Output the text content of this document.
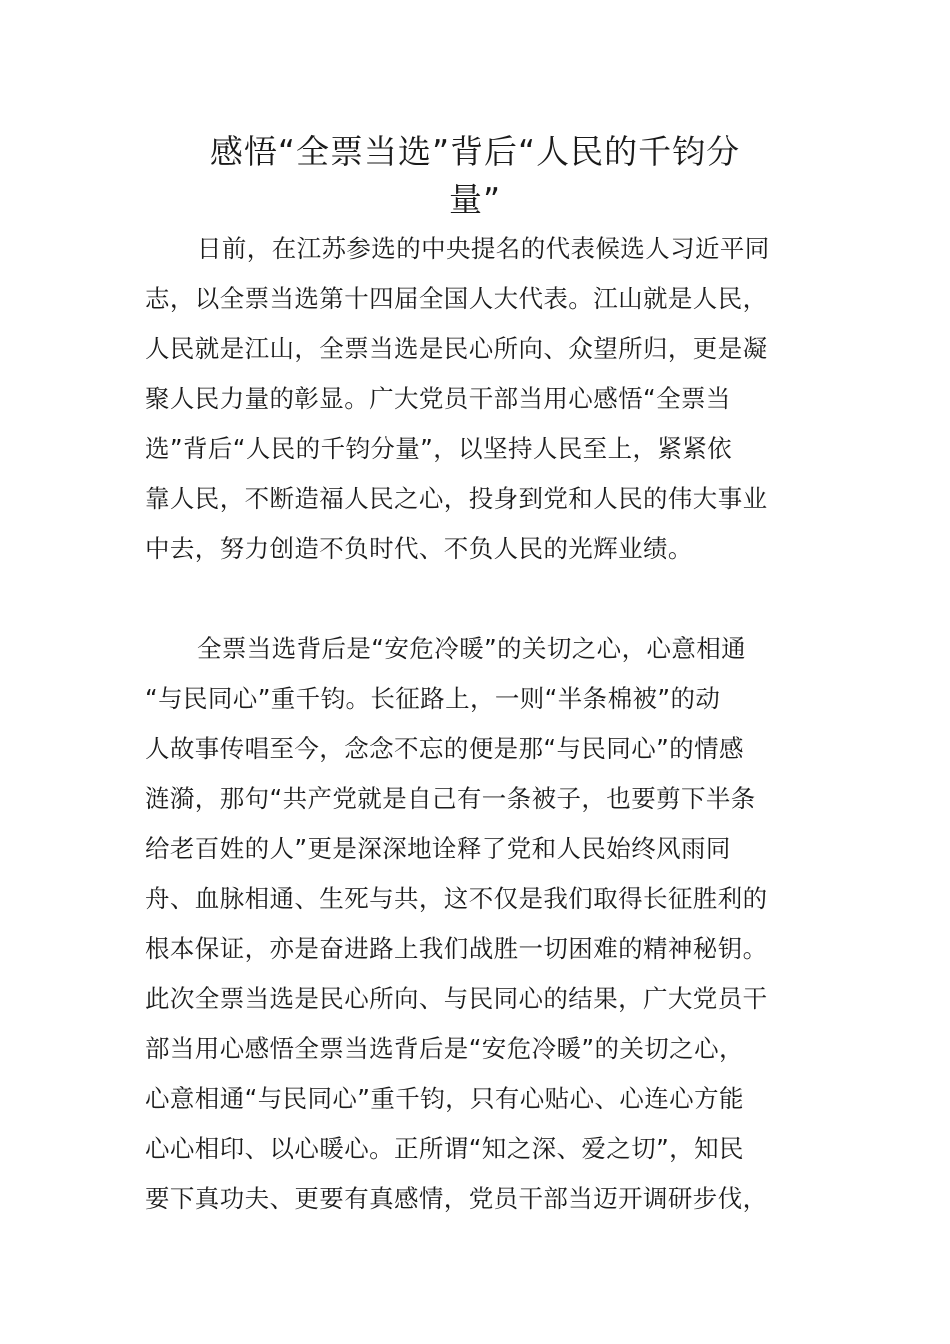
感悟“全票当选”背后“人民的千钧分
量”
日前，在江苏参选的中央提名的代表候选人习近平同
志，以全票当选第十四届全国人大代表。江山就是人民，
人民就是江山，全票当选是民心所向、众望所归，更是凝
聚人民力量的彰显。广大党员干部当用心感悟“全票当
选”背后“人民的千钧分量”，以坚持人民至上，紧紧依
靠人民，不断造福人民之心，投身到党和人民的伟大事业
中去，努力创造不负时代、不负人民的光辉业绩。
全票当选背后是“安危冷暖”的关切之心，心意相通
“与民同心”重千钧。长征路上，一则“半条棉被”的动
人故事传唱至今，念念不忘的便是那“与民同心”的情感
涟漪，那句“共产党就是自己有一条被子，也要剪下半条
给老百姓的人”更是深深地诠释了党和人民始终风雨同
舟、血脉相通、生死与共，这不仅是我们取得长征胜利的
根本保证，亦是奋进路上我们战胜一切困难的精神秘钥。
此次全票当选是民心所向、与民同心的结果，广大党员干
部当用心感悟全票当选背后是“安危冷暖”的关切之心，
心意相通“与民同心”重千钧，只有心贴心、心连心方能
心心相印、以心暖心。正所谓“知之深、爱之切”，知民
要下真功夫、更要有真感情，党员干部当迈开调研步伐，
